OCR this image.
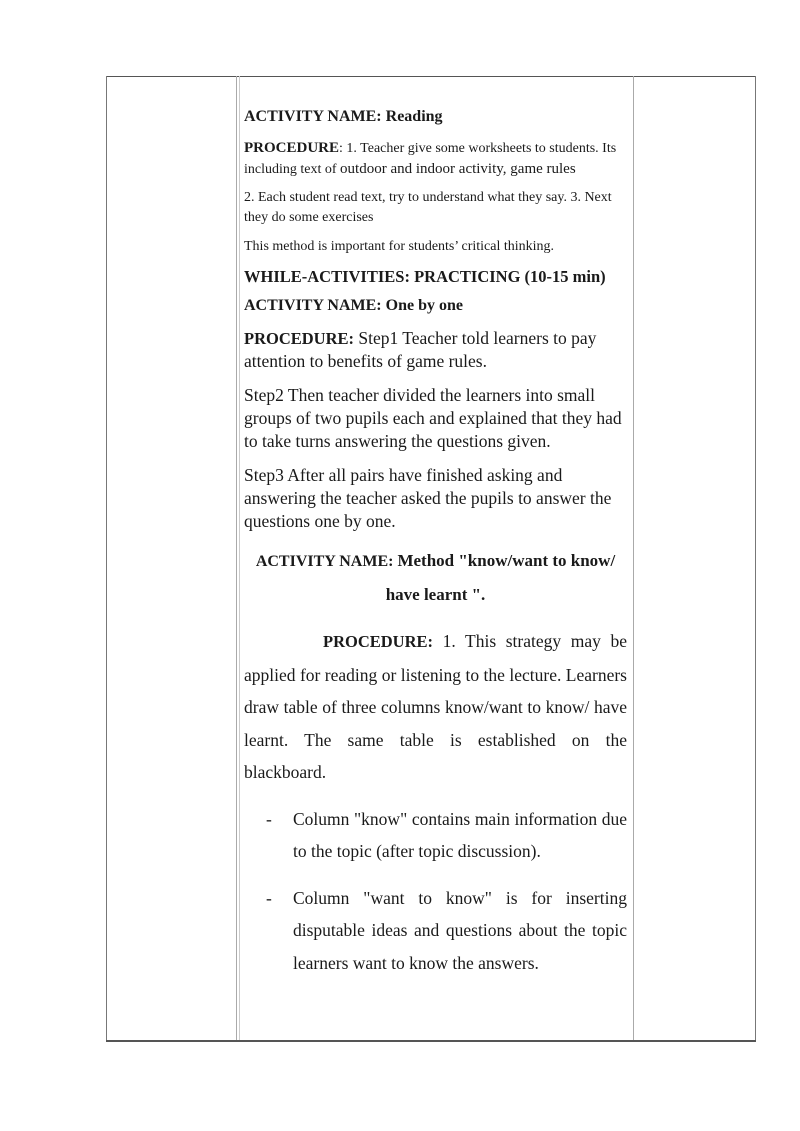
ACTIVITY NAME: Reading

PROCEDURE: 1. Teacher give some worksheets to students. Its including text of outdoor and indoor activity, game rules

2. Each student read text, try to understand what they say. 3. Next they do some exercises

This method is important for students’ critical thinking.

WHILE-ACTIVITIES: PRACTICING (10-15 min)

ACTIVITY NAME: One by one

PROCEDURE: Step1 Teacher told learners to pay attention to benefits of game rules.

Step2 Then teacher divided the learners into small groups of two pupils each and explained that they had to take turns answering the questions given.

Step3 After all pairs have finished asking and answering the teacher asked the pupils to answer the questions one by one.

ACTIVITY NAME: Method "know/want to know/ have learnt ".

PROCEDURE: 1. This strategy may be applied for reading or listening to the lecture. Learners draw table of three columns know/want to know/ have learnt. The same table is established on the blackboard.

- Column "know" contains main information due to the topic (after topic discussion).
- Column "want to know" is for inserting disputable ideas and questions about the topic learners want to know the answers.
